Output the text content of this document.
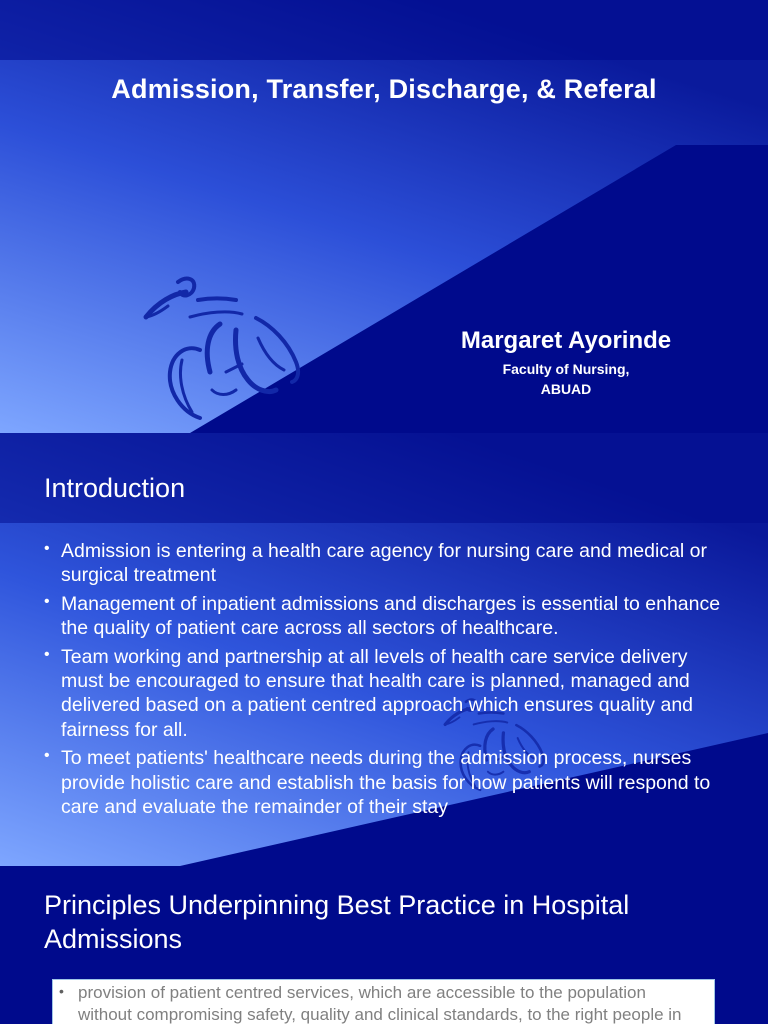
Admission, Transfer, Discharge, & Referal
Margaret Ayorinde
Faculty of Nursing,
ABUAD
Introduction
• Admission is entering a health care agency for nursing care and medical or surgical treatment
• Management of inpatient admissions and discharges is essential to enhance the quality of patient care across all sectors of healthcare.
• Team working and partnership at all levels of health care service delivery must be encouraged to ensure that health care is planned, managed and delivered based on a patient centred approach which ensures quality and fairness for all.
• To meet patients' healthcare needs during the admission process, nurses provide holistic care and establish the basis for how patients will respond to care and evaluate the remainder of their stay
Principles Underpinning Best Practice in Hospital Admissions
• provision of patient centred services, which are accessible to the population without compromising safety, quality and clinical standards, to the right people in
